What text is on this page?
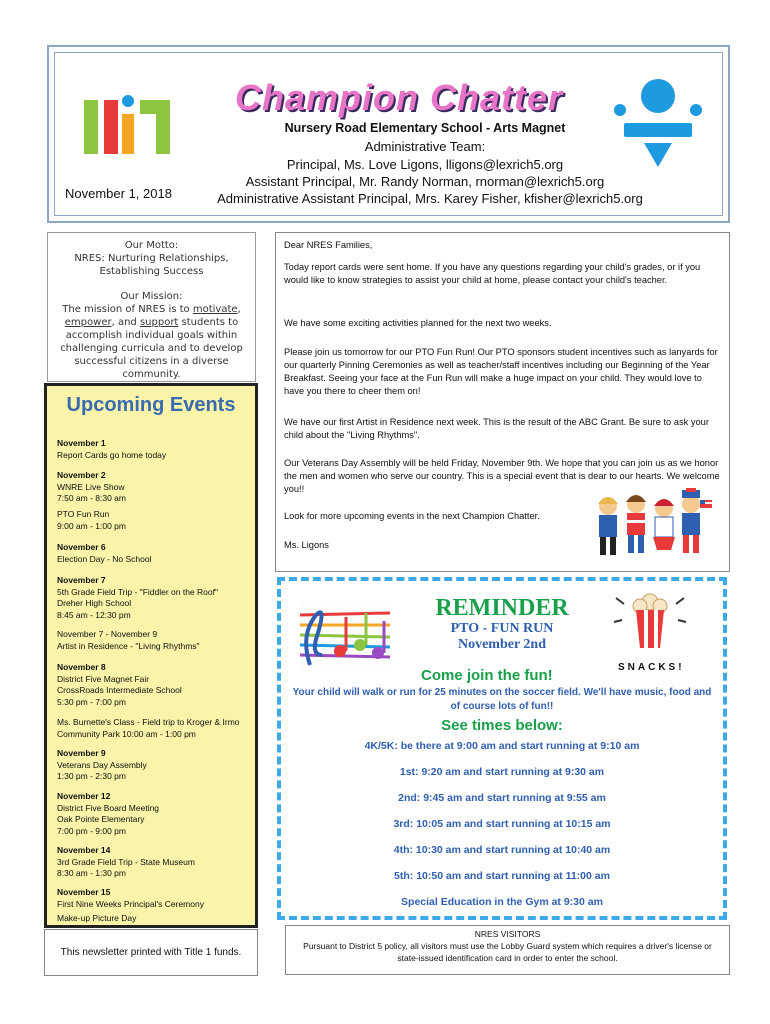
Champion Chatter
Nursery Road Elementary School - Arts Magnet
Administrative Team:
Principal, Ms. Love Ligons, lligons@lexrich5.org
Assistant Principal, Mr. Randy Norman, rnorman@lexrich5.org
Administrative Assistant Principal, Mrs. Karey Fisher, kfisher@lexrich5.org
November 1, 2018
Our Motto:
NRES: Nurturing Relationships,
Establishing Success
Our Mission:
The mission of NRES is to motivate,
empower, and support students to
accomplish individual goals within
challenging curricula and to develop
successful citizens in a diverse
community.
Upcoming Events
November 1
Report Cards go home today
November 2
WNRE Live Show
7:50 am - 8:30 am
PTO Fun Run
9:00 am - 1:00 pm
November 6
Election Day - No School
November 7
5th Grade Field Trip - "Fiddler on the Roof"
Dreher High School
8:45 am - 12:30 pm
November 7 - November 9
Artist in Residence - "Living Rhythms"
November 8
District Five Magnet Fair
CrossRoads Intermediate School
5:30 pm - 7:00 pm
Ms. Burnette's Class - Field trip to Kroger & Irmo
Community Park 10:00 am - 1:00 pm
November 9
Veterans Day Assembly
1:30 pm - 2:30 pm
November 12
District Five Board Meeting
Oak Pointe Elementary
7:00 pm - 9:00 pm
November 14
3rd Grade Field Trip - State Museum
8:30 am - 1:30 pm
November 15
First Nine Weeks Principal's Ceremony
Make-up Picture Day
This newsletter printed with Title 1 funds.
Dear NRES Families,
Today report cards were sent home. If you have any questions regarding your child's grades, or if you would like to know strategies to assist your child at home, please contact your child's teacher.
We have some exciting activities planned for the next two weeks.
Please join us tomorrow for our PTO Fun Run! Our PTO sponsors student incentives such as lanyards for our quarterly Pinning Ceremonies as well as teacher/staff incentives including our Beginning of the Year Breakfast. Seeing your face at the Fun Run will make a huge impact on your child. They would love to have you there to cheer them on!
We have our first Artist in Residence next week. This is the result of the ABC Grant. Be sure to ask your child about the "Living Rhythms".
Our Veterans Day Assembly will be held Friday, November 9th. We hope that you can join us as we honor the men and women who serve our country. This is a special event that is dear to our hearts. We welcome you!!
Look for more upcoming events in the next Champion Chatter.
Ms. Ligons
REMINDER
PTO - FUN RUN
November 2nd
Come join the fun!
Your child will walk or run for 25 minutes on the soccer field. We'll have music, food and of course lots of fun!!
See times below:
4K/5K: be there at 9:00 am and start running at 9:10 am
1st: 9:20 am and start running at 9:30 am
2nd: 9:45 am and start running at 9:55 am
3rd: 10:05 am and start running at 10:15 am
4th: 10:30 am and start running at 10:40 am
5th: 10:50 am and start running at 11:00 am
Special Education in the Gym at 9:30 am
SNACKS!
NRES VISITORS
Pursuant to District 5 policy, all visitors must use the Lobby Guard system which requires a driver's license or state-issued identification card in order to enter the school.
